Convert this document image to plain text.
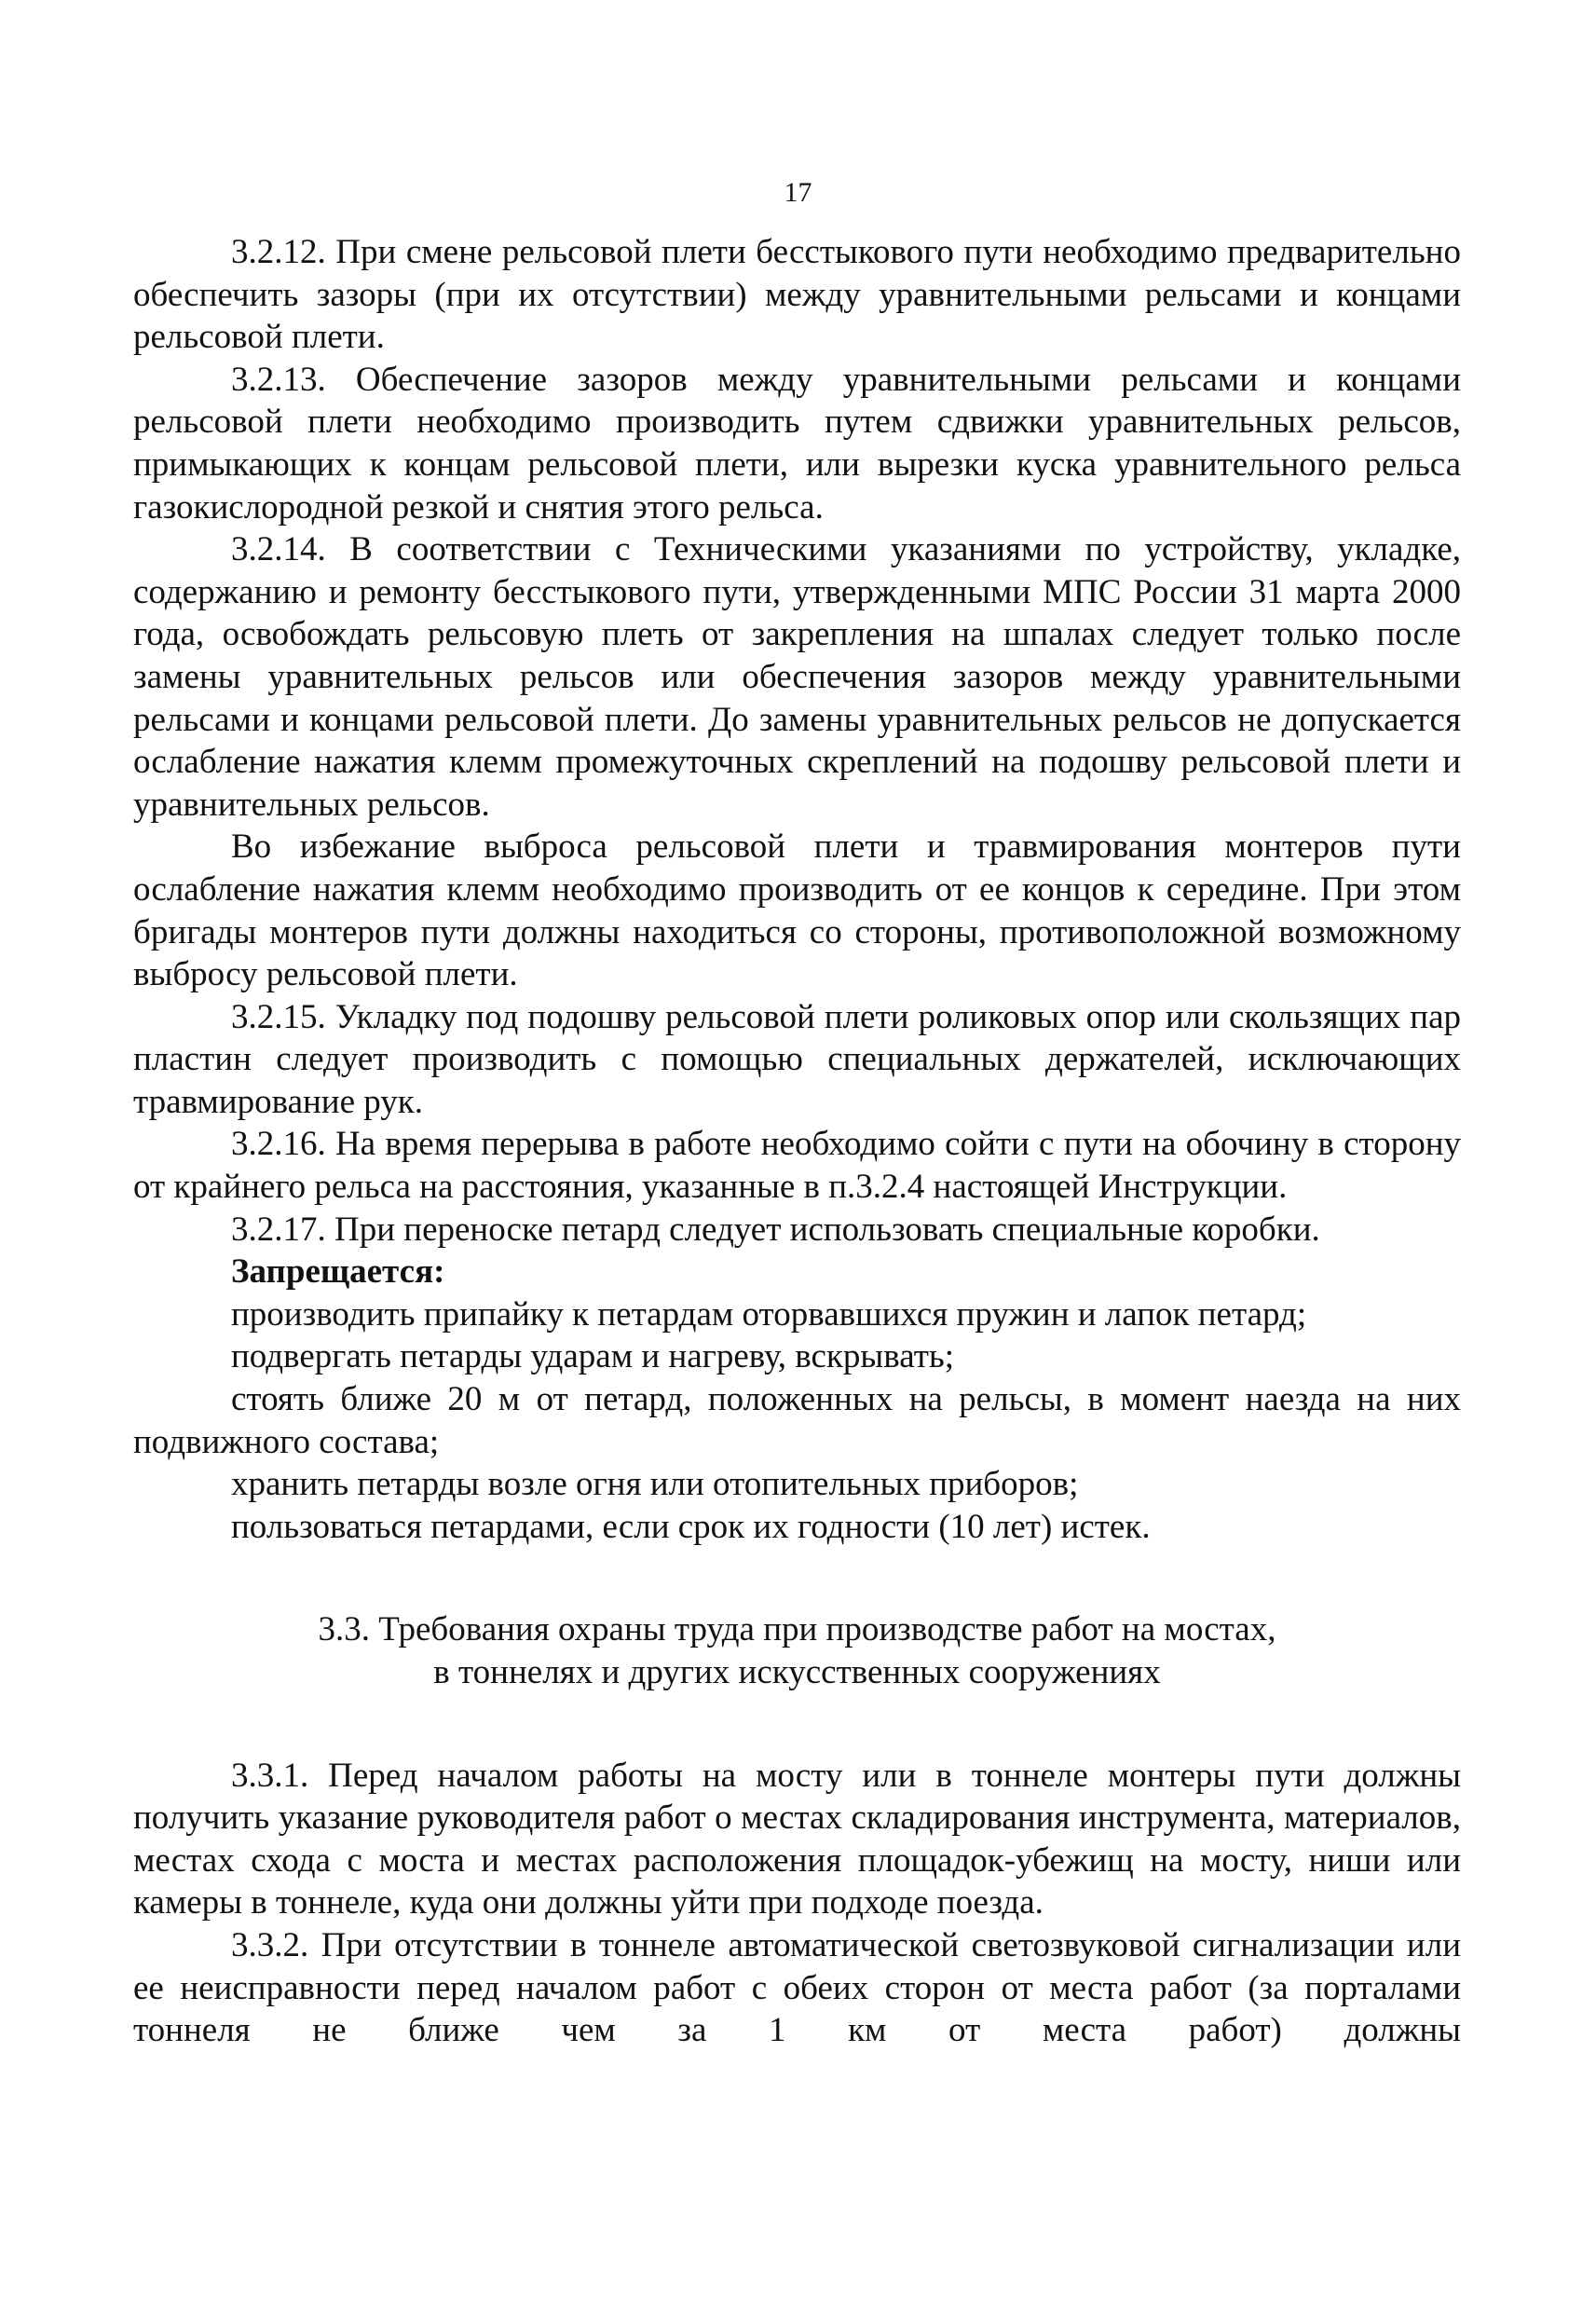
17

3.2.12. При смене рельсовой плети бесстыкового пути необходимо предварительно обеспечить зазоры (при их отсутствии) между уравнительными рельсами и концами рельсовой плети.

3.2.13. Обеспечение зазоров между уравнительными рельсами и концами рельсовой плети необходимо производить путем сдвижки уравнительных рельсов, примыкающих к концам рельсовой плети, или вырезки куска уравнительного рельса газокислородной резкой и снятия этого рельса.

3.2.14. В соответствии с Техническими указаниями по устройству, укладке, содержанию и ремонту бесстыкового пути, утвержденными МПС России 31 марта 2000 года, освобождать рельсовую плеть от закрепления на шпалах следует только после замены уравнительных рельсов или обеспечения зазоров между уравнительными рельсами и концами рельсовой плети. До замены уравнительных рельсов не допускается ослабление нажатия клемм промежуточных скреплений на подошву рельсовой плети и уравнительных рельсов.

Во избежание выброса рельсовой плети и травмирования монтеров пути ослабление нажатия клемм необходимо производить от ее концов к середине. При этом бригады монтеров пути должны находиться со стороны, противоположной возможному выбросу рельсовой плети.

3.2.15. Укладку под подошву рельсовой плети роликовых опор или скользящих пар пластин следует производить с помощью специальных держателей, исключающих травмирование рук.

3.2.16. На время перерыва в работе необходимо сойти с пути на обочину в сторону от крайнего рельса на расстояния, указанные в п.3.2.4 настоящей Инструкции.

3.2.17. При переноске петард следует использовать специальные коробки.

Запрещается:

производить припайку к петардам оторвавшихся пружин и лапок петард;

подвергать петарды ударам и нагреву, вскрывать;

стоять ближе 20 м от петард, положенных на рельсы, в момент наезда на них подвижного состава;

хранить петарды возле огня или отопительных приборов;

пользоваться петардами, если срок их годности (10 лет) истек.

3.3. Требования охраны труда при производстве работ на мостах,
в тоннелях и других искусственных сооружениях

3.3.1. Перед началом работы на мосту или в тоннеле монтеры пути должны получить указание руководителя работ о местах складирования инструмента, материалов, местах схода с моста и местах расположения площадок-убежищ на мосту, ниши или камеры в тоннеле, куда они должны уйти при подходе поезда.

3.3.2. При отсутствии в тоннеле автоматической светозвуковой сигнализации или ее неисправности перед началом работ с обеих сторон от места работ (за порталами тоннеля не ближе чем за 1 км от места работ) должны
